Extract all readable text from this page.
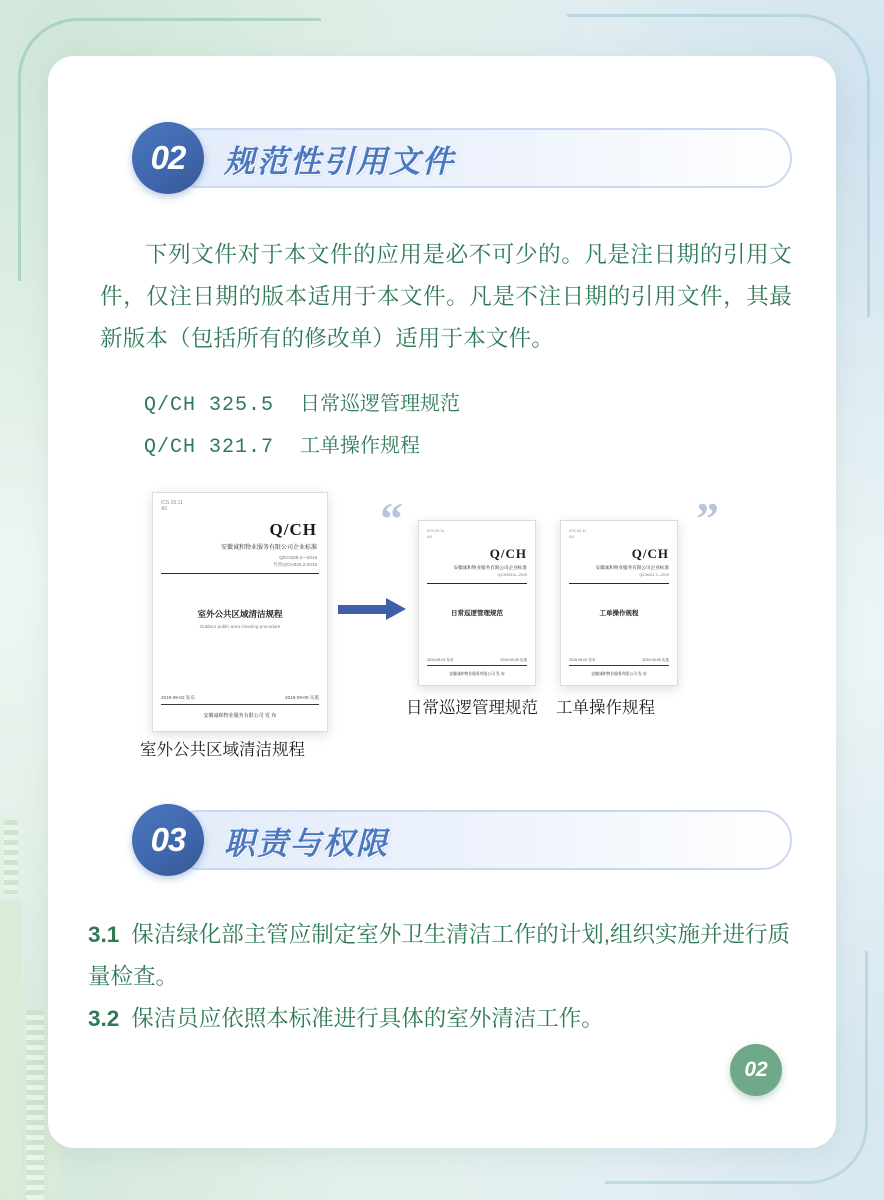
02	规范性引用文件

下列文件对于本文件的应用是必不可少的。凡是注日期的引用文件，仅注日期的版本适用于本文件。凡是不注日期的引用文件，其最新版本（包括所有的修改单）适用于本文件。

Q/CH 325.5 日常巡逻管理规范
Q/CH 321.7 工单操作规程
ICS 03.11
A0
Q/CH
安徽诚和物业服务有限公司企业标准
Q/CH325.2—2019
代替Q/CH325.2-2016
室外公共区域清洁规程
Outdoor public area cleaning procedure
2019-09-02 发布	2019-09-09 实施
安徽诚和物业服务有限公司 发 布
“	”
ICS 03.11
A0
Q/CH
安徽诚和物业服务有限公司企业标准
Q/CH325.5—2019
日常巡逻管理规范
2019-09-02 发布	2019-09-09 实施
安徽诚和物业服务有限公司 发 布
ICS 03.11
A0
Q/CH
安徽诚和物业服务有限公司企业标准
Q/CH321.7—2019
工单操作规程
2019-09-02 发布	2019-09-09 实施
安徽诚和物业服务有限公司 发 布
室外公共区域清洁规程
日常巡逻管理规范 工单操作规程
03	职责与权限
3.1 保洁绿化部主管应制定室外卫生清洁工作的计划,组织实施并进行质量检查。
3.2 保洁员应依照本标准进行具体的室外清洁工作。
02
